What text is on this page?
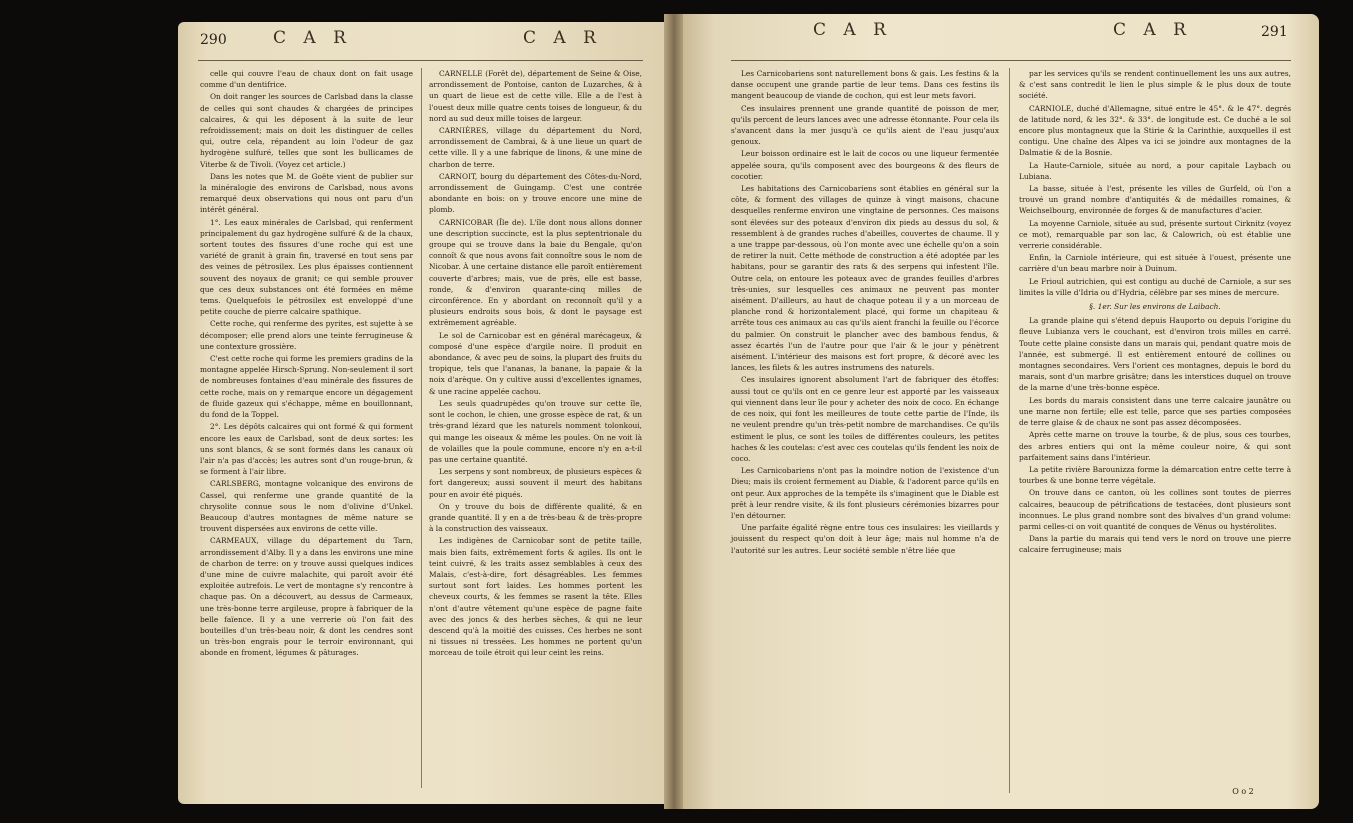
C A R	C A R
290

celle qui couvre l'eau de chaux dont on fait usage comme d'un dentifrice.

On doit ranger les sources de Carlsbad dans la classe de celles qui sont chaudes & chargées de principes calcaires, & qui les déposent à la suite de leur refroidissement; mais on doit les distinguer de celles qui, outre cela, répandent au loin l'odeur de gaz hydrogène sulfuré, telles que sont les bullicames de Viterbe & de Tivoli. (Voyez cet article.)

Dans les notes que M. de Goëte vient de publier sur la minéralogie des environs de Carlsbad, nous avons remarqué deux observations qui nous ont paru d'un intérêt général.

1°. Les eaux minérales de Carlsbad, qui renferment principalement du gaz hydrogène sulfuré & de la chaux, sortent toutes des fissures d'une roche qui est une variété de granit à grain fin, traversé en tout sens par des veines de pétrosilex. Les plus épaisses contiennent souvent des noyaux de granit; ce qui semble prouver que ces deux substances ont été formées en même tems. Quelquefois le pétrosilex est enveloppé d'une petite couche de pierre calcaire spathique.

Cette roche, qui renferme des pyrites, est sujette à se décomposer; elle prend alors une teinte ferrugineuse & une contexture grossière.

C'est cette roche qui forme les premiers gradins de la montagne appelée Hirsch-Sprung. Non-seulement il sort de nombreuses fontaines d'eau minérale des fissures de cette roche, mais on y remarque encore un dégagement de fluide gazeux qui s'échappe, même en bouillonnant, du fond de la Toppel.

2°. Les dépôts calcaires qui ont formé & qui forment encore les eaux de Carlsbad, sont de deux sortes: les uns sont blancs, & se sont formés dans les canaux où l'air n'a pas d'accès; les autres sont d'un rouge-brun, & se forment à l'air libre.

CARLSBERG, montagne volcanique des environs de Cassel, qui renferme une grande quantité de la chrysolite connue sous le nom d'olivine d'Unkel. Beaucoup d'autres montagnes de même nature se trouvent dispersées aux environs de cette ville.

CARMEAUX, village du département du Tarn, arrondissement d'Alby. Il y a dans les environs une mine de charbon de terre: on y trouve aussi quelques indices d'une mine de cuivre malachite, qui paroît avoir été exploitée autrefois. Le vert de montagne s'y rencontre à chaque pas. On a découvert, au dessus de Carmeaux, une très-bonne terre argileuse, propre à fabriquer de la belle faïence. Il y a une verrerie où l'on fait des bouteilles d'un très-beau noir, & dont les cendres sont un très-bon engrais pour le terroir environnant, qui abonde en froment, légumes & pâturages.

CARNELLE (Forêt de), département de Seine & Oise, arrondissement de Pontoise, canton de Luzarches, & à un quart de lieue est de cette ville. Elle a de l'est à l'ouest deux mille quatre cents toises de longueur, & du nord au sud deux mille toises de largeur.

CARNIÈRES, village du département du Nord, arrondissement de Cambrai, & à une lieue un quart de cette ville. Il y a une fabrique de linons, & une mine de charbon de terre.

CARNOIT, bourg du département des Côtes-du-Nord, arrondissement de Guingamp. C'est une contrée abondante en bois: on y trouve encore une mine de plomb.

CARNICOBAR (Île de). L'île dont nous allons donner une description succincte, est la plus septentrionale du groupe qui se trouve dans la baie du Bengale, qu'on connoît & que nous avons fait connoître sous le nom de Nicobar. À une certaine distance elle paroît entièrement couverte d'arbres; mais, vue de près, elle est basse, ronde, & d'environ quarante-cinq milles de circonférence. En y abordant on reconnoît qu'il y a plusieurs endroits sous bois, & dont le paysage est extrêmement agréable.

Le sol de Carnicobar est en général marécageux, & composé d'une espèce d'argile noire. Il produit en abondance, & avec peu de soins, la plupart des fruits du tropique, tels que l'ananas, la banane, la papaie & la noix d'arèque. On y cultive aussi d'excellentes ignames, & une racine appelée cachou.

Les seuls quadrupèdes qu'on trouve sur cette île, sont le cochon, le chien, une grosse espèce de rat, & un très-grand lézard que les naturels nomment tolonkoui, qui mange les oiseaux & même les poules. On ne voit là de volailles que la poule commune, encore n'y en a-t-il pas une certaine quantité.

Les serpens y sont nombreux, de plusieurs espèces & fort dangereux; aussi souvent il meurt des habitans pour en avoir été piqués.

On y trouve du bois de différente qualité, & en grande quantité. Il y en a de très-beau & de très-propre à la construction des vaisseaux.

Les indigènes de Carnicobar sont de petite taille, mais bien faits, extrêmement forts & agiles. Ils ont le teint cuivré, & les traits assez semblables à ceux des Malais, c'est-à-dire, fort désagréables. Les femmes surtout sont fort laides. Les hommes portent les cheveux courts, & les femmes se rasent la tête. Elles n'ont d'autre vêtement qu'une espèce de pagne faite avec des joncs & des herbes sèches, & qui ne leur descend qu'à la moitié des cuisses. Ces herbes ne sont ni tissues ni tressées. Les hommes ne portent qu'un morceau de toile étroit qui leur ceint les reins.

C A R	C A R	291

Les Carnicobariens sont naturellement bons & gais. Les festins & la danse occupent une grande partie de leur tems. Dans ces festins ils mangent beaucoup de viande de cochon, qui est leur mets favori.

Ces insulaires prennent une grande quantité de poisson de mer, qu'ils percent de leurs lances avec une adresse étonnante. Pour cela ils s'avancent dans la mer jusqu'à ce qu'ils aient de l'eau jusqu'aux genoux.

Leur boisson ordinaire est le lait de cocos ou une liqueur fermentée appelée soura, qu'ils composent avec des bourgeons & des fleurs de cocotier.

Les habitations des Carnicobariens sont établies en général sur la côte, & forment des villages de quinze à vingt maisons, chacune desquelles renferme environ une vingtaine de personnes. Ces maisons sont élevées sur des poteaux d'environ dix pieds au dessus du sol, & ressemblent à de grandes ruches d'abeilles, couvertes de chaume. Il y a une trappe par-dessous, où l'on monte avec une échelle qu'on a soin de retirer la nuit. Cette méthode de construction a été adoptée par les habitans, pour se garantir des rats & des serpens qui infestent l'île. Outre cela, on entoure les poteaux avec de grandes feuilles d'arbres très-unies, sur lesquelles ces animaux ne peuvent pas monter aisément. D'ailleurs, au haut de chaque poteau il y a un morceau de planche rond & horizontalement placé, qui forme un chapiteau & arrête tous ces animaux au cas qu'ils aient franchi la feuille ou l'écorce du palmier. On construit le plancher avec des bambous fendus, & assez écartés l'un de l'autre pour que l'air & le jour y pénètrent aisément. L'intérieur des maisons est fort propre, & décoré avec les lances, les filets & les autres instrumens des naturels.

Ces insulaires ignorent absolument l'art de fabriquer des étoffes: aussi tout ce qu'ils ont en ce genre leur est apporté par les vaisseaux qui viennent dans leur île pour y acheter des noix de coco. En échange de ces noix, qui font les meilleures de toute cette partie de l'Inde, ils ne veulent prendre qu'un très-petit nombre de marchandises. Ce qu'ils estiment le plus, ce sont les toiles de différentes couleurs, les petites haches & les coutelas: c'est avec ces coutelas qu'ils fendent les noix de coco.

Les Carnicobariens n'ont pas la moindre notion de l'existence d'un Dieu; mais ils croient fermement au Diable, & l'adorent parce qu'ils en ont peur. Aux approches de la tempête ils s'imaginent que le Diable est prêt à leur rendre visite, & ils font plusieurs cérémonies bizarres pour l'en détourner.

Une parfaite égalité règne entre tous ces insulaires: les vieillards y jouissent du respect qu'on doit à leur âge; mais nul homme n'a de l'autorité sur les autres. Leur société semble n'être liée que

par les services qu'ils se rendent continuellement les uns aux autres, & c'est sans contredit le lien le plus simple & le plus doux de toute société.

CARNIOLE, duché d'Allemagne, situé entre le 45°. & le 47°. degrés de latitude nord, & les 32°. & 33°. de longitude est. Ce duché a le sol encore plus montagneux que la Stirie & la Carinthie, auxquelles il est contigu. Une chaîne des Alpes va ici se joindre aux montagnes de la Dalmatie & de la Bosnie.

La Haute-Carniole, située au nord, a pour capitale Laybach ou Lubiana.

La basse, située à l'est, présente les villes de Gurfeld, où l'on a trouvé un grand nombre d'antiquités & de médailles romaines, & Weichselbourg, environnée de forges & de manufactures d'acier.

La moyenne Carniole, située au sud, présente surtout Cirknitz (voyez ce mot), remarquable par son lac, & Calowrich, où est établie une verrerie considérable.

Enfin, la Carniole intérieure, qui est située à l'ouest, présente une carrière d'un beau marbre noir à Duinum.

Le Frioul autrichien, qui est contigu au duché de Carniole, a sur ses limites la ville d'Idria ou d'Hydria, célèbre par ses mines de mercure.

§. 1er. Sur les environs de Laibach.

La grande plaine qui s'étend depuis Hauporto ou depuis l'origine du fleuve Lubianza vers le couchant, est d'environ trois milles en carré. Toute cette plaine consiste dans un marais qui, pendant quatre mois de l'année, est submergé. Il est entièrement entouré de collines ou montagnes secondaires. Vers l'orient ces montagnes, depuis le bord du marais, sont d'un marbre grisâtre; dans les interstices duquel on trouve de la marne d'une très-bonne espèce.

Les bords du marais consistent dans une terre calcaire jaunâtre ou une marne non fertile; elle est telle, parce que ses parties composées de terre glaise & de chaux ne sont pas assez décomposées.

Après cette marne on trouve la tourbe, & de plus, sous ces tourbes, des arbres entiers qui ont la même couleur noire, & qui sont parfaitement sains dans l'intérieur.

La petite rivière Barounizza forme la démarcation entre cette terre à tourbes & une bonne terre végétale.

On trouve dans ce canton, où les collines sont toutes de pierres calcaires, beaucoup de pétrifications de testacées, dont plusieurs sont inconnues. Le plus grand nombre sont des bivalves d'un grand volume: parmi celles-ci on voit quantité de conques de Vénus ou hystérolites.

Dans la partie du marais qui tend vers le nord on trouve une pierre calcaire ferrugineuse; mais

O o 2
